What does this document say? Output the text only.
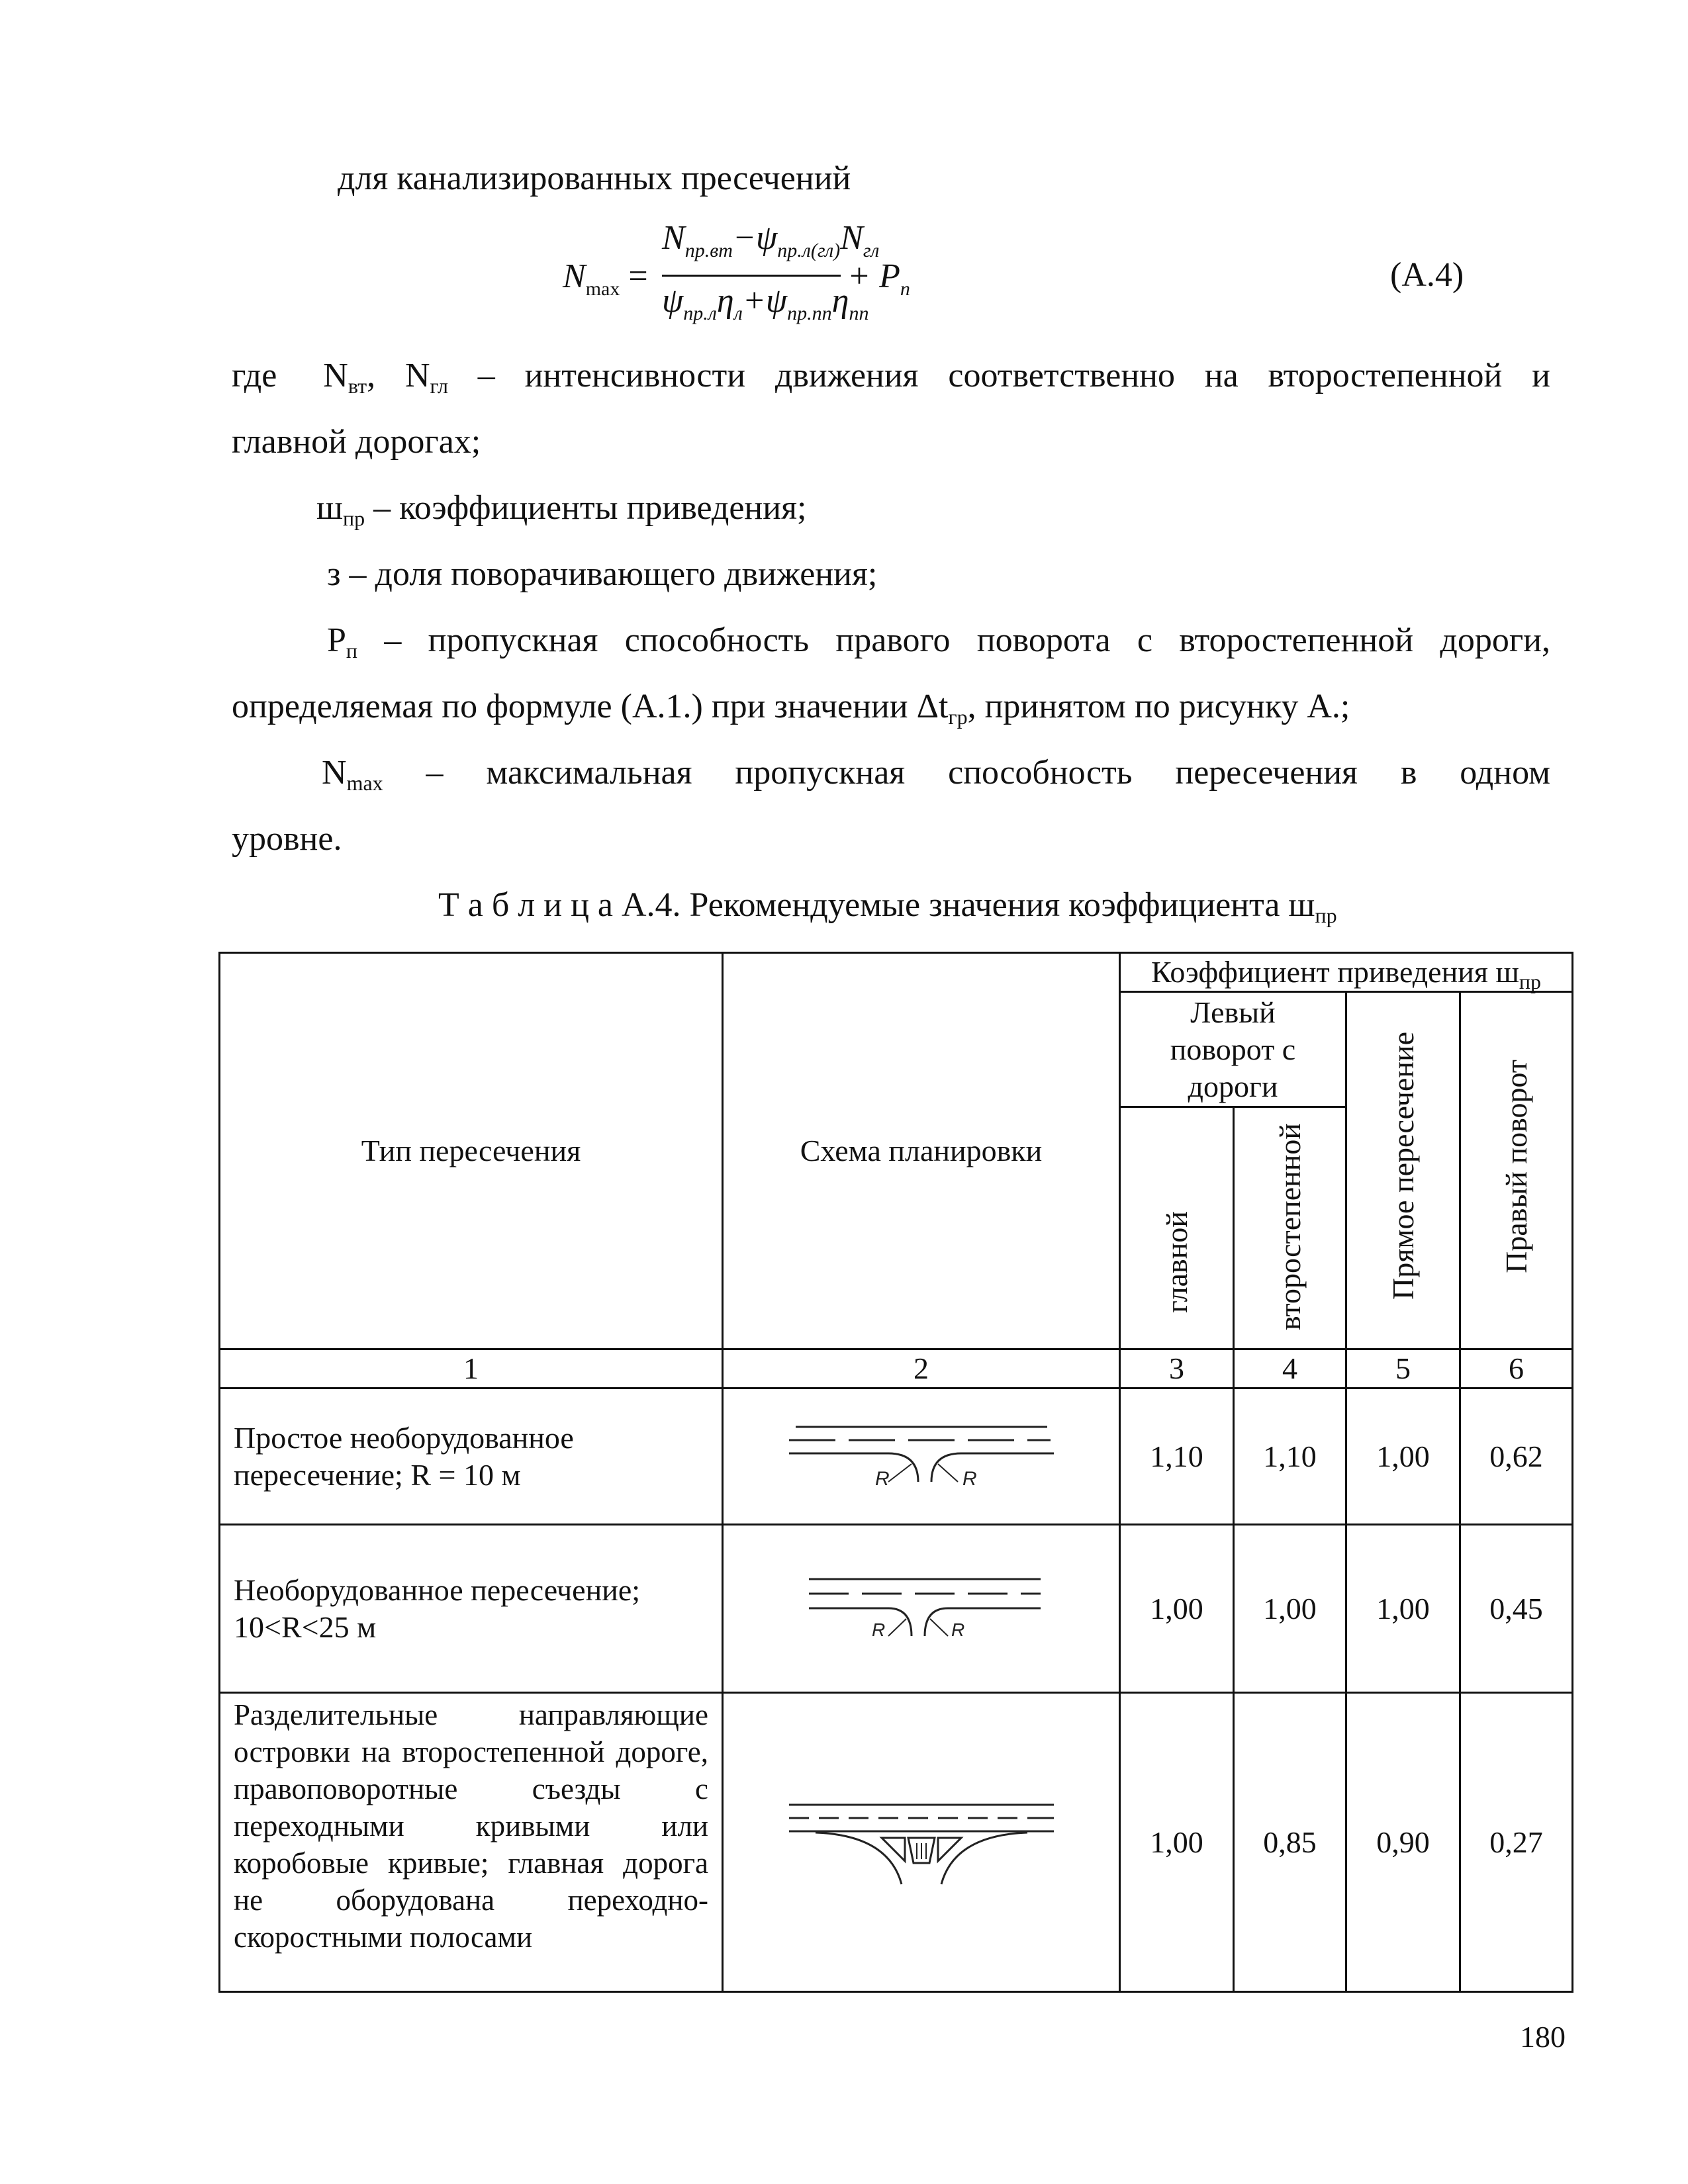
для канализированных пресечений
$N_{max}$ =
$N_{пр.вт}-\psi_{пр.л(гл)}N_{гл}$
$\psi_{пр.л}\eta_л+\psi_{пр.пп}\eta_{пп}$
+ $P_п$	(А.4)
где $N_{вт}$, $N_{гл}$ – интенсивности движения соответственно на второстепенной и
главной дорогах;
$ш_{пр}$ – коэффициенты приведения;
з – доля поворачивающего движения;
$P_п$ – пропускная способность правого поворота с второстепенной дороги,
определяемая по формуле (А.1.) при значении $\Delta t_{гр}$, принятом по рисунку А.;
$N_{max}$ – максимальная пропускная способность пересечения в одном
уровне.
Т а б л и ц а А.4. Рекомендуемые значения коэффициента $ш_{пр}$
Тип пересечения	Схема планировки	Коэффициент приведения $ш_{пр}$
		Левый поворот с дороги		Прямое пересечение	Правый поворот
		главной	второстепенной		
1	2	3	4	5	6
Простое необорудованное пересечение; R = 10 м	R R	1,10	1,10	1,00	0,62
Необорудованное пересечение; 10<R<25 м	R R	1,00	1,00	1,00	0,45
Разделительные направляющие островки на второстепенной дороге, правоповоротные съезды с переходными кривыми или коробовые кривые; главная дорога не оборудована переходно-скоростными полосами		1,00	0,85	0,90	0,27
180
